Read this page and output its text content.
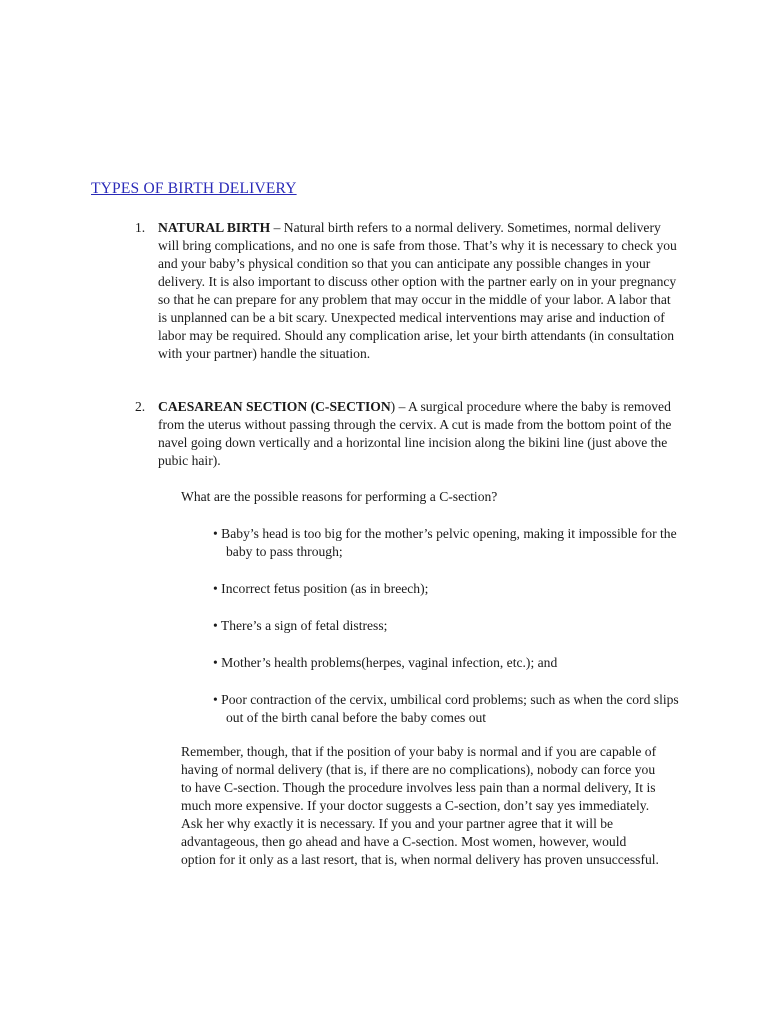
TYPES OF BIRTH DELIVERY
1. NATURAL BIRTH – Natural birth refers to a normal delivery. Sometimes, normal delivery will bring complications, and no one is safe from those. That’s why it is necessary to check you and your baby’s physical condition so that you can anticipate any possible changes in your delivery. It is also important to discuss other option with the partner early on in your pregnancy so that he can prepare for any problem that may occur in the middle of your labor. A labor that is unplanned can be a bit scary. Unexpected medical interventions may arise and induction of labor may be required. Should any complication arise, let your birth attendants (in consultation with your partner) handle the situation.
2. CAESAREAN SECTION (C-SECTION) – A surgical procedure where the baby is removed from the uterus without passing through the cervix. A cut is made from the bottom point of the navel going down vertically and a horizontal line incision along the bikini line (just above the pubic hair).
What are the possible reasons for performing a C-section?
• Baby’s head is too big for the mother’s pelvic opening, making it impossible for the baby to pass through;
• Incorrect fetus position (as in breech);
• There’s a sign of fetal distress;
• Mother’s health problems(herpes, vaginal infection, etc.); and
• Poor contraction of the cervix, umbilical cord problems; such as when the cord slips out of the birth canal before the baby comes out
Remember, though, that if the position of your baby is normal and if you are capable of having of normal delivery (that is, if there are no complications), nobody can force you to have C-section. Though the procedure involves less pain than a normal delivery, It is much more expensive. If your doctor suggests a C-section, don’t say yes immediately. Ask her why exactly it is necessary. If you and your partner agree that it will be advantageous, then go ahead and have a C-section. Most women, however, would option for it only as a last resort, that is, when normal delivery has proven unsuccessful.
